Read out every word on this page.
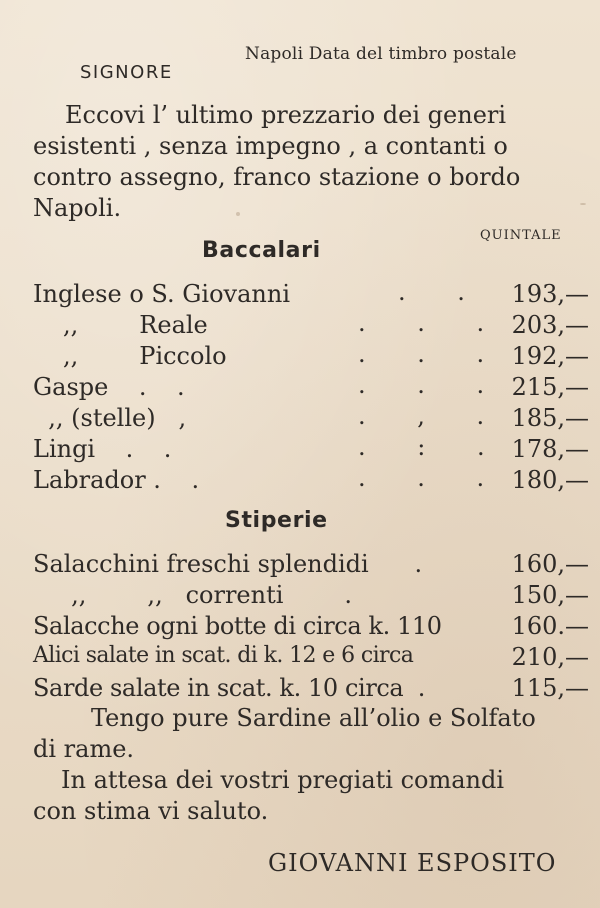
Napoli Data del timbro postale
SIGNORE
Eccovi l’ ultimo prezzario dei generi
esistenti , senza impegno , a contanti o
contro assegno, franco stazione o bordo
Napoli.
QUINTALE
Baccalari
Inglese o S. Giovanni	. . 193,—
,,        Reale	. . . 203,—
,,        Piccolo	. . . 192,—
Gaspe    .    .	. . . 215,—
,, (stelle)   ,	. , . 185,—
Lingi    .    .	. : . 178,—
Labrador .    .	. . . 180,—
Stiperie
Salacchini freschi splendidi      .	160,—
,,        ,,   correnti        .	150,—
Salacche ogni botte di circa k. 110	160.—
Alici salate in scat. di k. 12 e 6 circa	210,—
Sarde salate in scat. k. 10 circa  .	115,—
Tengo pure Sardine all’olio e Solfato
di rame.
In attesa dei vostri pregiati comandi
con stima vi saluto.
GIOVANNI ESPOSITO
